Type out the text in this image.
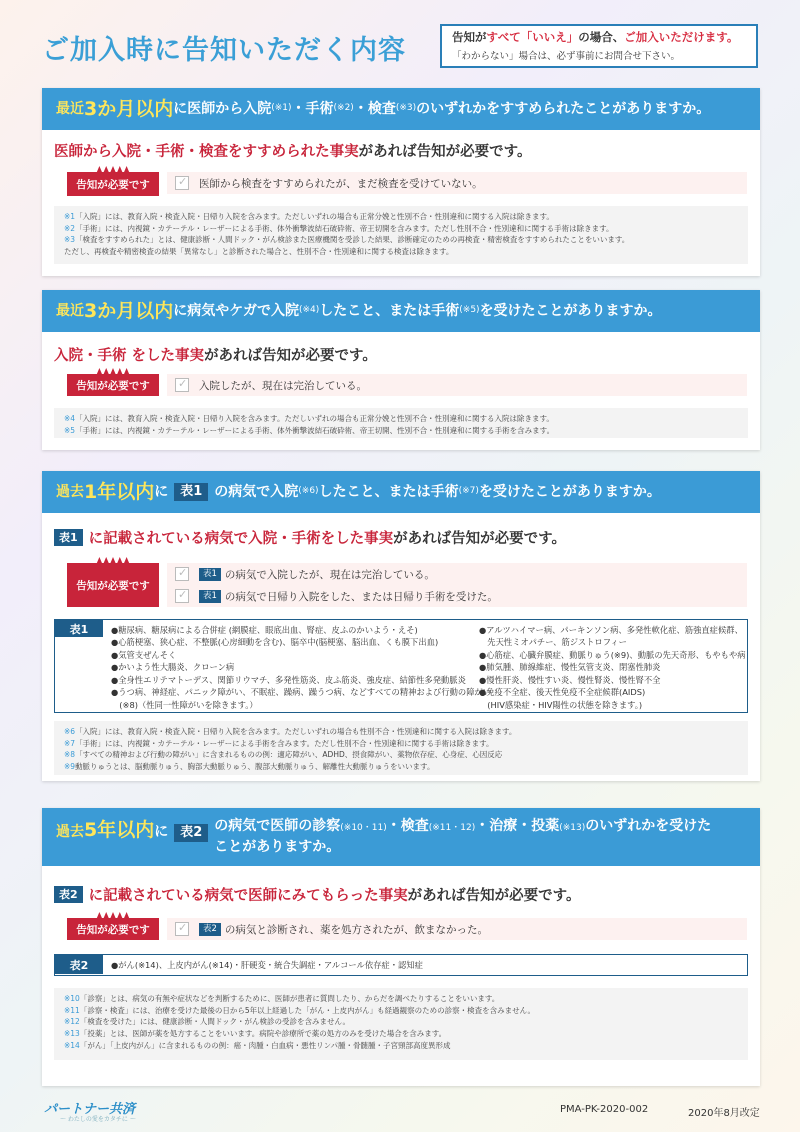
ご加入時に告知いただく内容	告知がすべて「いいえ」の場合、ご加入いただけます。
「わからない」場合は、必ず事前にお問合せ下さい。
最近 3か月以内 に医師から入院 (※1) ・手術 (※2) ・検査 (※3) のいずれかをすすめられたことがありますか。
医師から入院・手術・検査をすすめられた事実があれば告知が必要です。
告知が必要です ✓	医師から検査をすすめられたが、まだ検査を受けていない。
※1「入院」には、教育入院・検査入院・日帰り入院を含みます。ただしいずれの場合も正常分娩と性別不合・性別違和に関する入院は除きます。
※2「手術」には、内視鏡・カテーテル・レーザーによる手術、体外衝撃波結石破砕術、帝王切開を含みます。ただし性別不合・性別違和に関する手術は除きます。
※3「検査をすすめられた」とは、健康診断・人間ドック・がん検診また医療機関を受診した結果、診断確定のための再検査・精密検査をすすめられたことをいいます。
ただし、再検査や精密検査の結果「異常なし」と診断された場合と、性別不合・性別違和に関する検査は除きます。
最近 3か月以内 に病気やケガで入院 (※4) したこと、または手術 (※5) を受けたことがありますか。
入院・手術 をした事実があれば告知が必要です。
告知が必要です ✓	入院したが、現在は完治している。
※4「入院」には、教育入院・検査入院・日帰り入院を含みます。ただしいずれの場合も正常分娩と性別不合・性別違和に関する入院は除きます。
※5「手術」には、内視鏡・カテーテル・レーザーによる手術、体外衝撃波結石破砕術、帝王切開、性別不合・性別違和に関する手術を含みます。
過去 1年以内 に 表1 の病気で入院 (※6) したこと、または手術 (※7) を受けたことがありますか。
表1 に記載されている病気で入院・手術をした事実があれば告知が必要です。
告知が必要です
✓
表1 の病気で入院したが、現在は完治している。
✓
表1 の病気で日帰り入院をした、または日帰り手術を受けた。
表1	●糖尿病、糖尿病による合併症 (網膜症、眼底出血、腎症、皮ふのかいよう・えそ)
●心筋梗塞、狭心症、不整脈(心房細動を含む)、脳卒中(脳梗塞、脳出血、くも膜下出血)
●気管支ぜんそく
●かいよう性大腸炎、クローン病
●全身性エリテマトーデス、関節リウマチ、多発性筋炎、皮ふ筋炎、強皮症、結節性多発動脈炎
●うつ病、神経症、パニック障がい、不眠症、躁病、躁うつ病、などすべての精神および行動の障がい
　(※8)（性同一性障がいを除きます。）
●アルツハイマー病、パーキンソン病、多発性軟化症、筋強直症候群、
　先天性ミオパチー、筋ジストロフィー
●心筋症、心臓弁膜症、動脈りゅう(※9)、動脈の先天奇形、もやもや病
●肺気腫、肺線維症、慢性気管支炎、閉塞性肺炎
●慢性肝炎、慢性すい炎、慢性腎炎、慢性腎不全
●免疫不全症、後天性免疫不全症候群(AIDS)
　(HIV感染症・HIV陽性の状態を除きます。)
※6「入院」には、教育入院・検査入院・日帰り入院を含みます。ただしいずれの場合も性別不合・性別違和に関する入院は除きます。
※7「手術」には、内視鏡・カテーテル・レーザーによる手術を含みます。ただし性別不合・性別違和に関する手術は除きます。
※8「すべての精神および行動の障がい」に含まれるものの例：適応障がい、ADHD、摂食障がい、薬物依存症、心身症、心因反応
※9動脈りゅうとは、脳動脈りゅう、胸部大動脈りゅう、腹部大動脈りゅう、解離性大動脈りゅうをいいます。
過去5年以内に 表2 の病気で医師の診察(※10・11)・検査(※11・12)・治療・投薬(※13)のいずれかを受けた
ことがありますか。
表2 に記載されている病気で医師にみてもらった事実があれば告知が必要です。
告知が必要です ✓	表2 の病気と診断され、薬を処方されたが、飲まなかった。
表2	●がん(※14)、上皮内がん(※14)・肝硬変・統合失調症・アルコール依存症・認知症
※10「診察」とは、病気の有無や症状などを判断するために、医師が患者に質問したり、からだを調べたりすることをいいます。
※11「診察・検査」には、治療を受けた最後の日から5年以上経過した「がん・上皮内がん」も経過観察のための診察・検査を含みません。
※12「検査を受けた」には、健康診断・人間ドック・がん検診の受診を含みません。
※13「投薬」とは、医師が薬を処方することをいいます。病院や診療所で薬の処方のみを受けた場合を含みます。
※14「がん」「上皮内がん」に含まれるものの例：癌・肉腫・白血病・悪性リンパ腫・骨髄腫・子宮頸部高度異形成
パートナー共済
〜 わたしの愛をカタチに 〜
PMA-PK-2020-002	2020年8月改定
